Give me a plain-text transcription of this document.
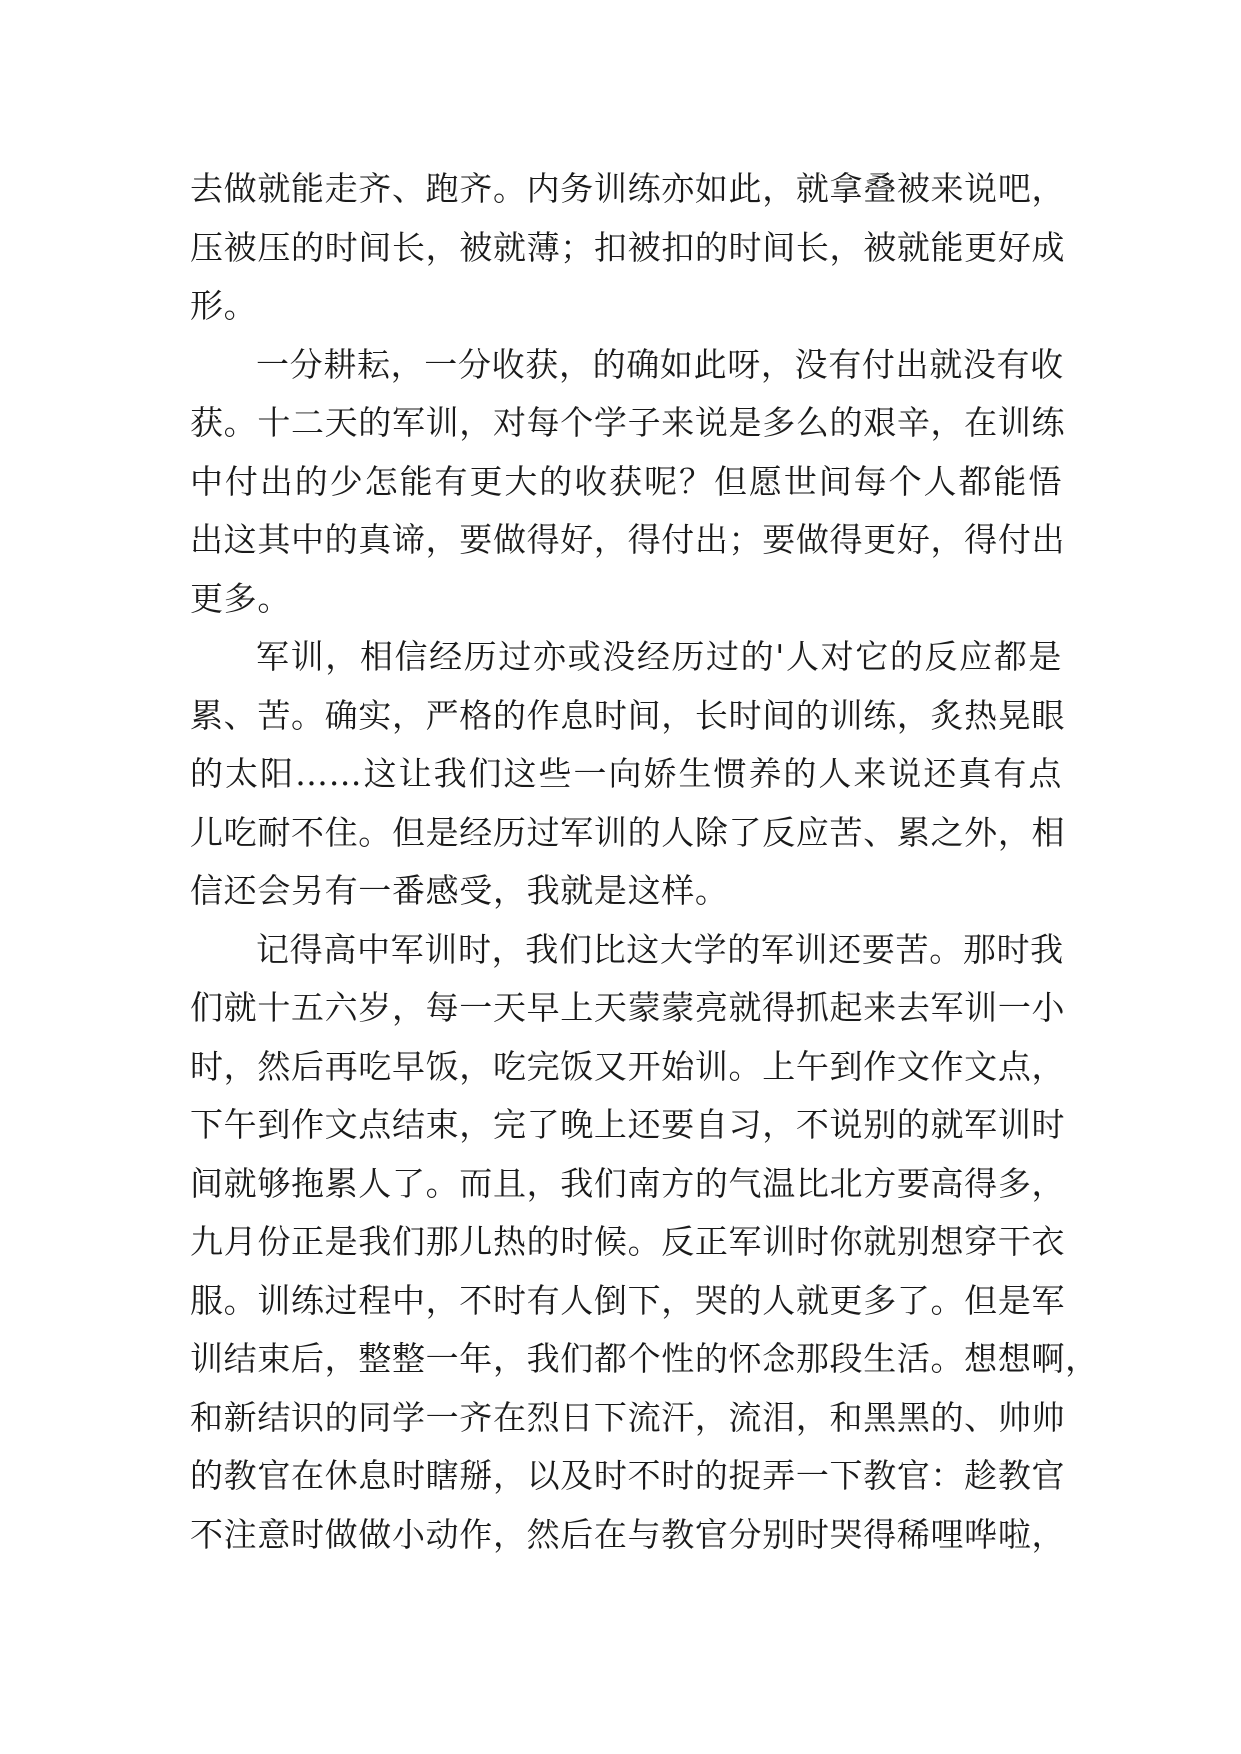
去做就能走齐、跑齐。内务训练亦如此，就拿叠被来说吧，
压被压的时间长，被就薄；扣被扣的时间长，被就能更好成
形。
一分耕耘，一分收获，的确如此呀，没有付出就没有收
获。十二天的军训，对每个学子来说是多么的艰辛，在训练
中付出的少怎能有更大的收获呢？但愿世间每个人都能悟
出这其中的真谛，要做得好，得付出；要做得更好，得付出
更多。
军训，相信经历过亦或没经历过的'人对它的反应都是
累、苦。确实，严格的作息时间，长时间的训练，炙热晃眼
的太阳……这让我们这些一向娇生惯养的人来说还真有点
儿吃耐不住。但是经历过军训的人除了反应苦、累之外，相
信还会另有一番感受，我就是这样。
记得高中军训时，我们比这大学的军训还要苦。那时我
们就十五六岁，每一天早上天蒙蒙亮就得抓起来去军训一小
时，然后再吃早饭，吃完饭又开始训。上午到作文作文点，
下午到作文点结束，完了晚上还要自习，不说别的就军训时
间就够拖累人了。而且，我们南方的气温比北方要高得多，
九月份正是我们那儿热的时候。反正军训时你就别想穿干衣
服。训练过程中，不时有人倒下，哭的人就更多了。但是军
训结束后，整整一年，我们都个性的怀念那段生活。想想啊，
和新结识的同学一齐在烈日下流汗，流泪，和黑黑的、帅帅
的教官在休息时瞎掰，以及时不时的捉弄一下教官：趁教官
不注意时做做小动作，然后在与教官分别时哭得稀哩哗啦，
